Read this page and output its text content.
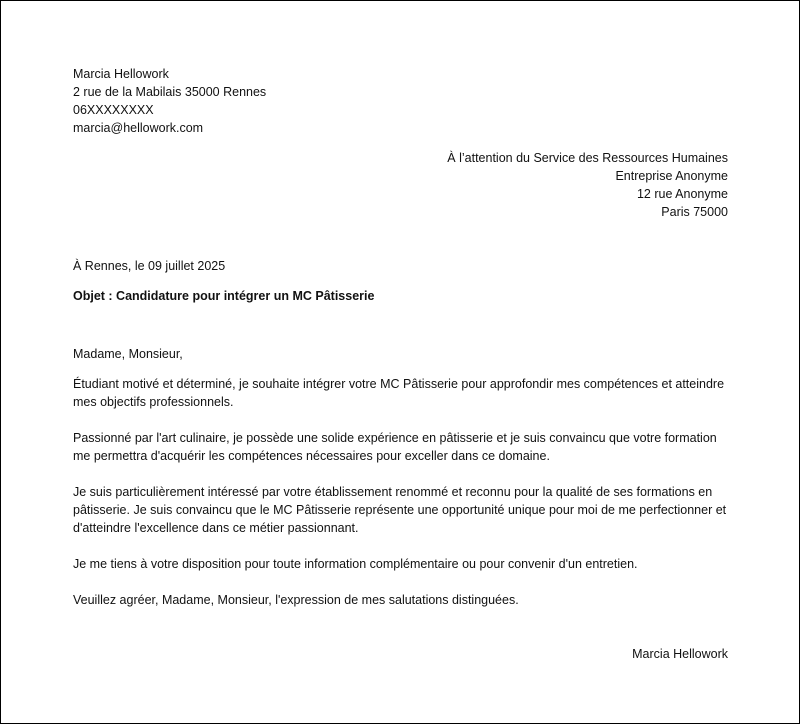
Marcia Hellowork
2 rue de la Mabilais 35000 Rennes
06XXXXXXXX
marcia@hellowork.com
À l’attention du Service des Ressources Humaines
Entreprise Anonyme
12 rue Anonyme
Paris 75000
À Rennes, le 09 juillet 2025
Objet : Candidature pour intégrer un MC Pâtisserie
Madame, Monsieur,
Étudiant motivé et déterminé, je souhaite intégrer votre MC Pâtisserie pour approfondir mes compétences et atteindre mes objectifs professionnels.
Passionné par l'art culinaire, je possède une solide expérience en pâtisserie et je suis convaincu que votre formation me permettra d'acquérir les compétences nécessaires pour exceller dans ce domaine.
Je suis particulièrement intéressé par votre établissement renommé et reconnu pour la qualité de ses formations en pâtisserie. Je suis convaincu que le MC Pâtisserie représente une opportunité unique pour moi de me perfectionner et d'atteindre l'excellence dans ce métier passionnant.
Je me tiens à votre disposition pour toute information complémentaire ou pour convenir d'un entretien.
Veuillez agréer, Madame, Monsieur, l'expression de mes salutations distinguées.
Marcia Hellowork
